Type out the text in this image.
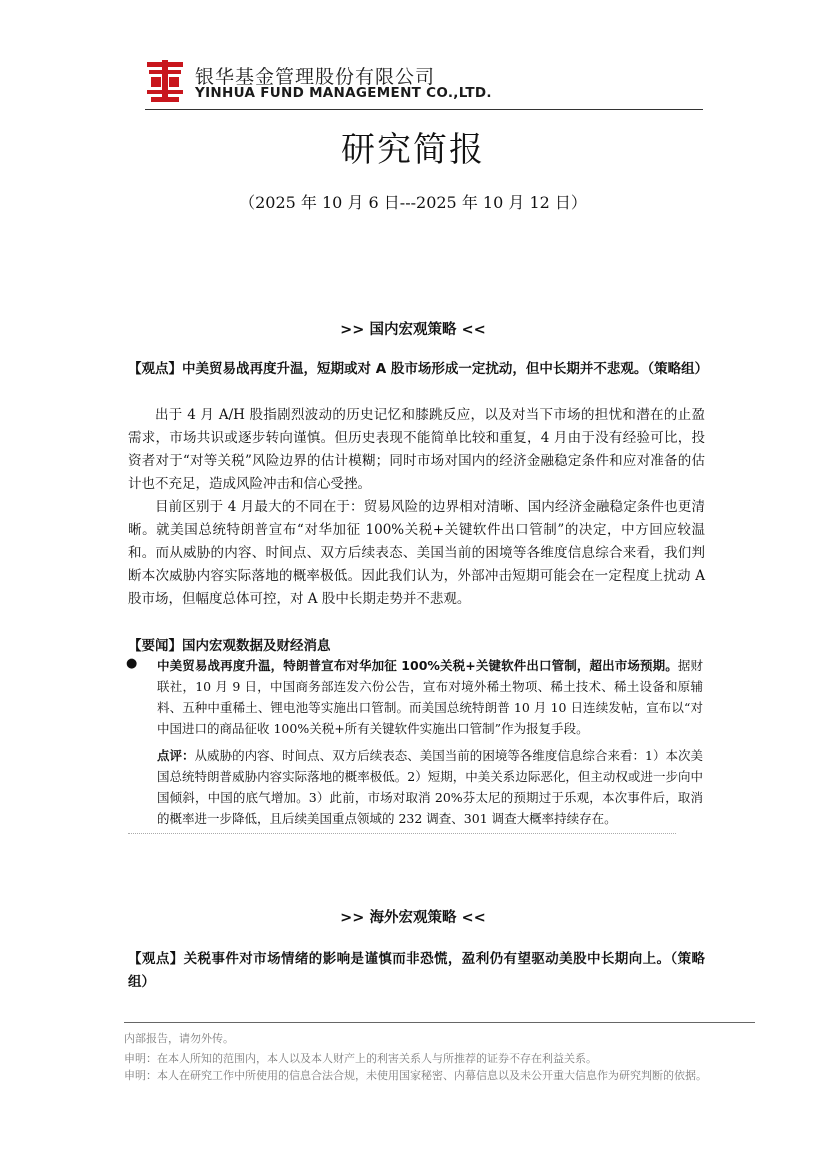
银华基金管理股份有限公司
YINHUA FUND MANAGEMENT CO.,LTD.
研究简报
（2025 年 10 月 6 日---2025 年 10 月 12 日）
>> 国内宏观策略 <<

【观点】中美贸易战再度升温，短期或对 A 股市场形成一定扰动，但中长期并不悲观。（策略组）

出于 4 月 A/H 股指剧烈波动的历史记忆和膝跳反应，以及对当下市场的担忧和潜在的止盈需求，市场共识或逐步转向谨慎。但历史表现不能简单比较和重复，4 月由于没有经验可比，投资者对于“对等关税”风险边界的估计模糊；同时市场对国内的经济金融稳定条件和应对准备的估计也不充足，造成风险冲击和信心受挫。

目前区别于 4 月最大的不同在于：贸易风险的边界相对清晰、国内经济金融稳定条件也更清晰。就美国总统特朗普宣布“对华加征 100%关税+关键软件出口管制”的决定，中方回应较温和。而从威胁的内容、时间点、双方后续表态、美国当前的困境等各维度信息综合来看，我们判断本次威胁内容实际落地的概率极低。因此我们认为，外部冲击短期可能会在一定程度上扰动 A 股市场，但幅度总体可控，对 A 股中长期走势并不悲观。

【要闻】国内宏观数据及财经消息
● 中美贸易战再度升温，特朗普宣布对华加征 100%关税+关键软件出口管制，超出市场预期。据财联社，10 月 9 日，中国商务部连发六份公告，宣布对境外稀土物项、稀土技术、稀土设备和原辅料、五种中重稀土、锂电池等实施出口管制。而美国总统特朗普 10 月 10 日连续发帖，宣布以“对中国进口的商品征收 100%关税+所有关键软件实施出口管制”作为报复手段。

点评：从威胁的内容、时间点、双方后续表态、美国当前的困境等各维度信息综合来看：1）本次美国总统特朗普威胁内容实际落地的概率极低。2）短期，中美关系边际恶化，但主动权或进一步向中国倾斜，中国的底气增加。3）此前，市场对取消 20%芬太尼的预期过于乐观，本次事件后，取消的概率进一步降低，且后续美国重点领域的 232 调查、301 调查大概率持续存在。

>> 海外宏观策略 <<

【观点】关税事件对市场情绪的影响是谨慎而非恐慌，盈利仍有望驱动美股中长期向上。（策略组）

内部报告，请勿外传。

申明：在本人所知的范围内，本人以及本人财产上的利害关系人与所推荐的证券不存在利益关系。

申明：本人在研究工作中所使用的信息合法合规，未使用国家秘密、内幕信息以及未公开重大信息作为研究判断的依据。
